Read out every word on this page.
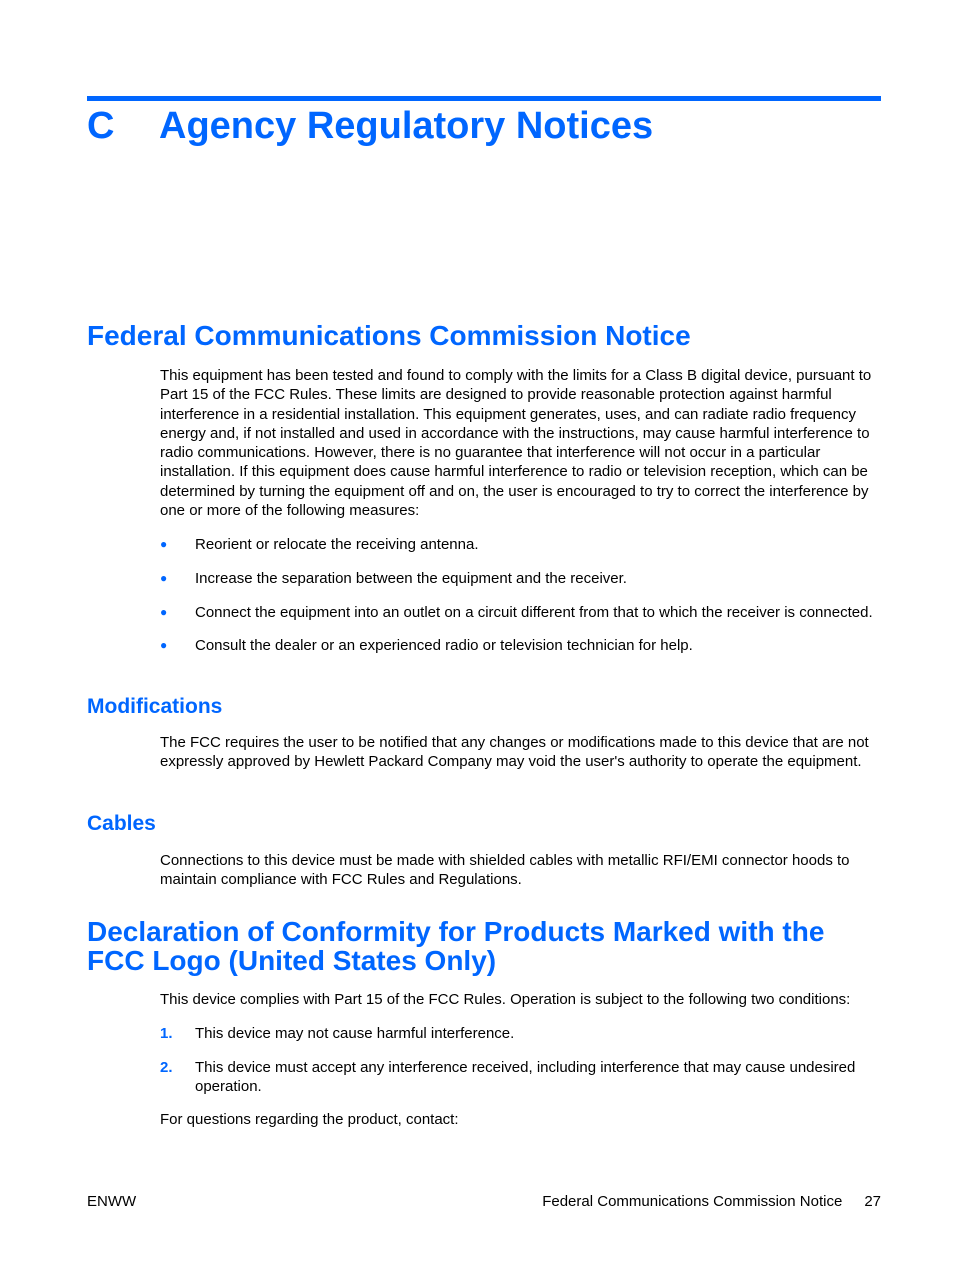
C Agency Regulatory Notices
Federal Communications Commission Notice

This equipment has been tested and found to comply with the limits for a Class B digital device, pursuant to Part 15 of the FCC Rules. These limits are designed to provide reasonable protection against harmful interference in a residential installation. This equipment generates, uses, and can radiate radio frequency energy and, if not installed and used in accordance with the instructions, may cause harmful interference to radio communications. However, there is no guarantee that interference will not occur in a particular installation. If this equipment does cause harmful interference to radio or television reception, which can be determined by turning the equipment off and on, the user is encouraged to try to correct the interference by one or more of the following measures:

● Reorient or relocate the receiving antenna.
● Increase the separation between the equipment and the receiver.
● Connect the equipment into an outlet on a circuit different from that to which the receiver is connected.
● Consult the dealer or an experienced radio or television technician for help.
Modifications

The FCC requires the user to be notified that any changes or modifications made to this device that are not expressly approved by Hewlett Packard Company may void the user's authority to operate the equipment.

Cables

Connections to this device must be made with shielded cables with metallic RFI/EMI connector hoods to maintain compliance with FCC Rules and Regulations.

Declaration of Conformity for Products Marked with the FCC Logo (United States Only)

This device complies with Part 15 of the FCC Rules. Operation is subject to the following two conditions:

1. This device may not cause harmful interference.
2. This device must accept any interference received, including interference that may cause undesired operation.

For questions regarding the product, contact:

ENWW	Federal Communications Commission Notice 27
